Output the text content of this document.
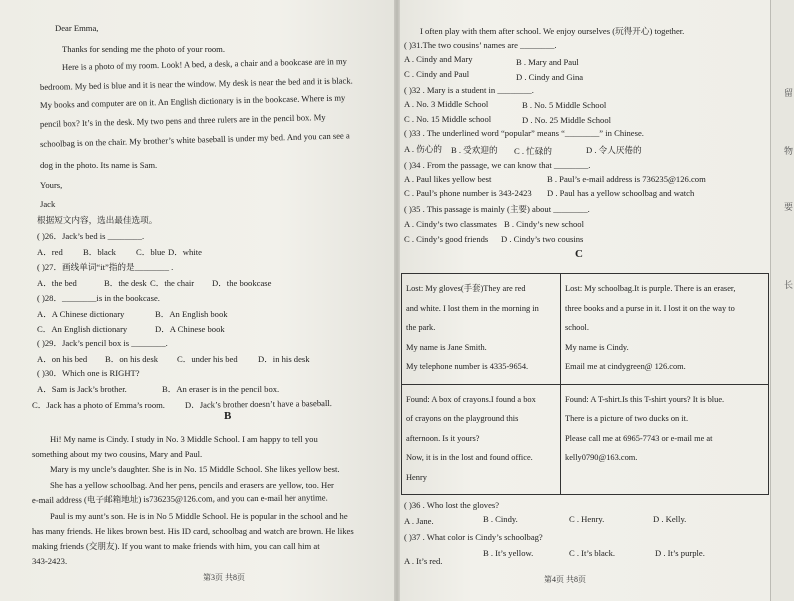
Dear Emma,
Thanks for sending me the photo of your room.
Here is a photo of my room. Look! A bed, a desk, a chair and a bookcase are in my
bedroom. My bed is blue and it is near the window. My desk is near the bed and it is black.
My books and computer are on it. An English dictionary is in the bookcase. Where is my
pencil box? It’s in the desk. My two pens and three rulers are in the pencil box. My
schoolbag is on the chair. My brother’s white baseball is under my bed. And you can see a
dog in the photo. Its name is Sam.
Yours,
Jack
根据短文内容，选出最佳选项。
( )26．Jack’s bed is ________.
A．red B．black C．blue D．white
( )27．画线单词“it”指的是________ .
A．the bed	B．the desk C．the chair D．the bookcase
( )28．________is in the bookcase.
A．A Chinese dictionary	B．An English book
C．An English dictionary	D．A Chinese book
( )29．Jack’s pencil box is ________.
A．on his bed B．on his desk C．under his bed D．in his desk
( )30．Which one is RIGHT?
A．Sam is Jack’s brother.	B．An eraser is in the pencil box.
C．Jack has a photo of Emma’s room. D．Jack’s brother doesn’t have a baseball.
B
Hi! My name is Cindy. I study in No. 3 Middle School. I am happy to tell you
something about my two cousins, Mary and Paul.
Mary is my uncle’s daughter. She is in No. 15 Middle School. She likes yellow best.
She has a yellow schoolbag. And her pens, pencils and erasers are yellow, too. Her
e-mail address (电子邮箱地址) is736235@126.com, and you can e-mail her anytime.
Paul is my aunt’s son. He is in No 5 Middle School. He is popular in the school and he
has many friends. He likes brown best. His ID card, schoolbag and watch are brown. He likes
making friends (交朋友). If you want to make friends with him, you can call him at
343-2423.
第3页 共8页
I often play with them after school. We enjoy ourselves (玩得开心) together.
( )31.The two cousins’ names are ________.
A . Cindy and Mary	B . Mary and Paul
C . Cindy and Paul	D . Cindy and Gina
( )32 . Mary is a student in ________.
A . No. 3 Middle School	B . No. 5 Middle School
C . No. 15 Middle school	D . No. 25 Middle School
( )33 . The underlined word “popular” means “________” in Chinese.
A . 伤心的 B . 受欢迎的 C . 忙碌的	D . 令人厌倦的
( )34 . From the passage, we can know that ________.
A . Paul likes yellow best	B . Paul’s e-mail address is 736235@126.com
C . Paul’s phone number is 343-2423 D . Paul has a yellow schoolbag and watch
( )35 . This passage is mainly (主要) about ________.
A . Cindy’s two classmates B . Cindy’s new school
C . Cindy’s good friends D . Cindy’s two cousins
C
Lost: My gloves(手套)They are red
and white. I lost them in the morning in
the park.
My name is Jane Smith.
My telephone number is 4335-9654.	Lost: My schoolbag.It is purple. There is an eraser,
three books and a purse in it. I lost it on the way to
school.
My name is Cindy.
Email me at cindygreen@ 126.com.

Found: A box of crayons.I found a box
of crayons on the playground this
afternoon. Is it yours?
Now, it is in the lost and found office.
Henry	Found: A T-shirt.Is this T-shirt yours? It is blue.
There is a picture of two ducks on it.
Please call me at 6965-7743 or e-mail me at
kelly0790@163.com.
( )36 . Who lost the gloves?
A . Jane.	B . Cindy.	C . Henry.	D . Kelly.
( )37 . What color is Cindy’s schoolbag?
A . It’s red.
B . It’s yellow.	C . It’s black.	D . It’s purple.
第4页 共8页
留
物
要
长
